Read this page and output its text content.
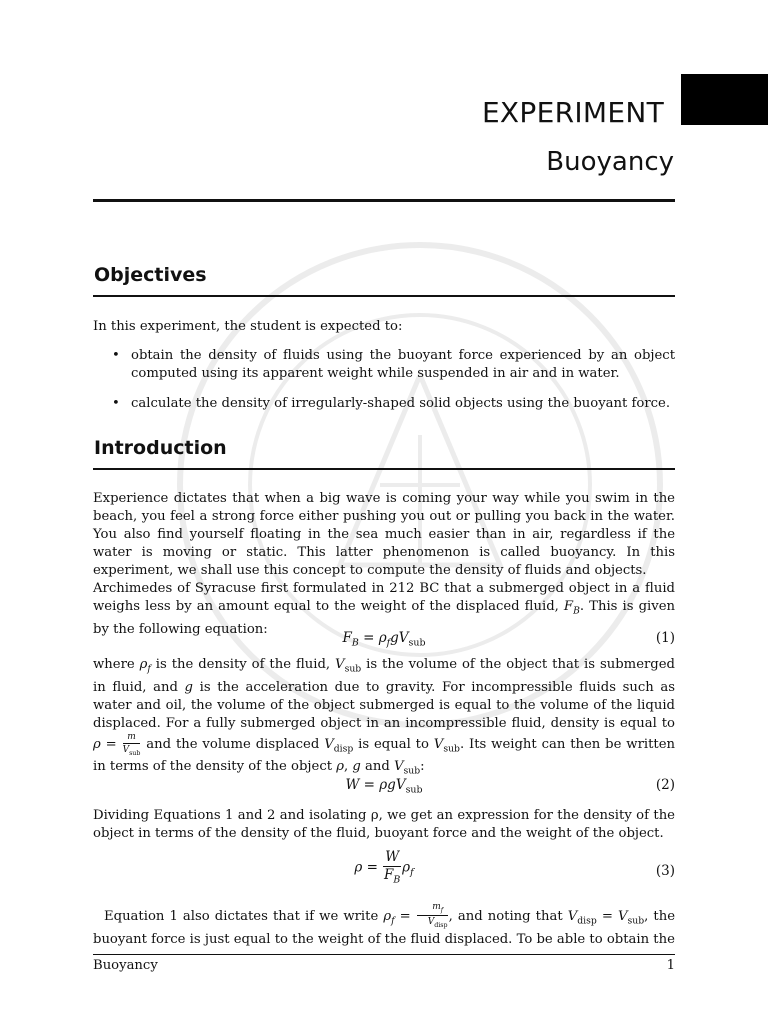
EXPERIMENT
Buoyancy
Objectives
In this experiment, the student is expected to:
• obtain the density of fluids using the buoyant force experienced by an object computed using its apparent weight while suspended in air and in water.
• calculate the density of irregularly-shaped solid objects using the buoyant force.
Introduction
Experience dictates that when a big wave is coming your way while you swim in the beach, you feel a strong force either pushing you out or pulling you back in the water. You also find yourself floating in the sea much easier than in air, regardless if the water is moving or static. This latter phenomenon is called buoyancy. In this experiment, we shall use this concept to compute the density of fluids and objects.
Archimedes of Syracuse first formulated in 212 BC that a submerged object in a fluid weighs less by an amount equal to the weight of the displaced fluid, $F_B$. This is given by the following equation:
$F_B = \rho_fgV_{sub}$	(1)
where $\rho_f$ is the density of the fluid, $V_{sub}$ is the volume of the object that is submerged in fluid, and g is the acceleration due to gravity. For incompressible fluids such as water and oil, the volume of the object submerged is equal to the volume of the liquid displaced. For a fully submerged object in an incompressible fluid, density is equal to $\rho = \frac{m}{V_{sub}}$ and the volume displaced $V_{disp}$ is equal to $V_{sub}$. Its weight can then be written in terms of the density of the object ρ, g and $V_{sub}$:
W = ρgV$_{sub}$	(2)
Dividing Equations 1 and 2 and isolating ρ, we get an expression for the density of the object in terms of the density of the fluid, buoyant force and the weight of the object.
$\rho = \frac{W}{F_B} \rho_f$	(3)
Equation 1 also dictates that if we write $\rho_f = \frac{m_f}{V_{disp}}$ , and noting that $V_{disp} = V_{sub}$, the buoyant force is just equal to the weight of the fluid displaced. To be able to obtain the
Buoyancy	1
